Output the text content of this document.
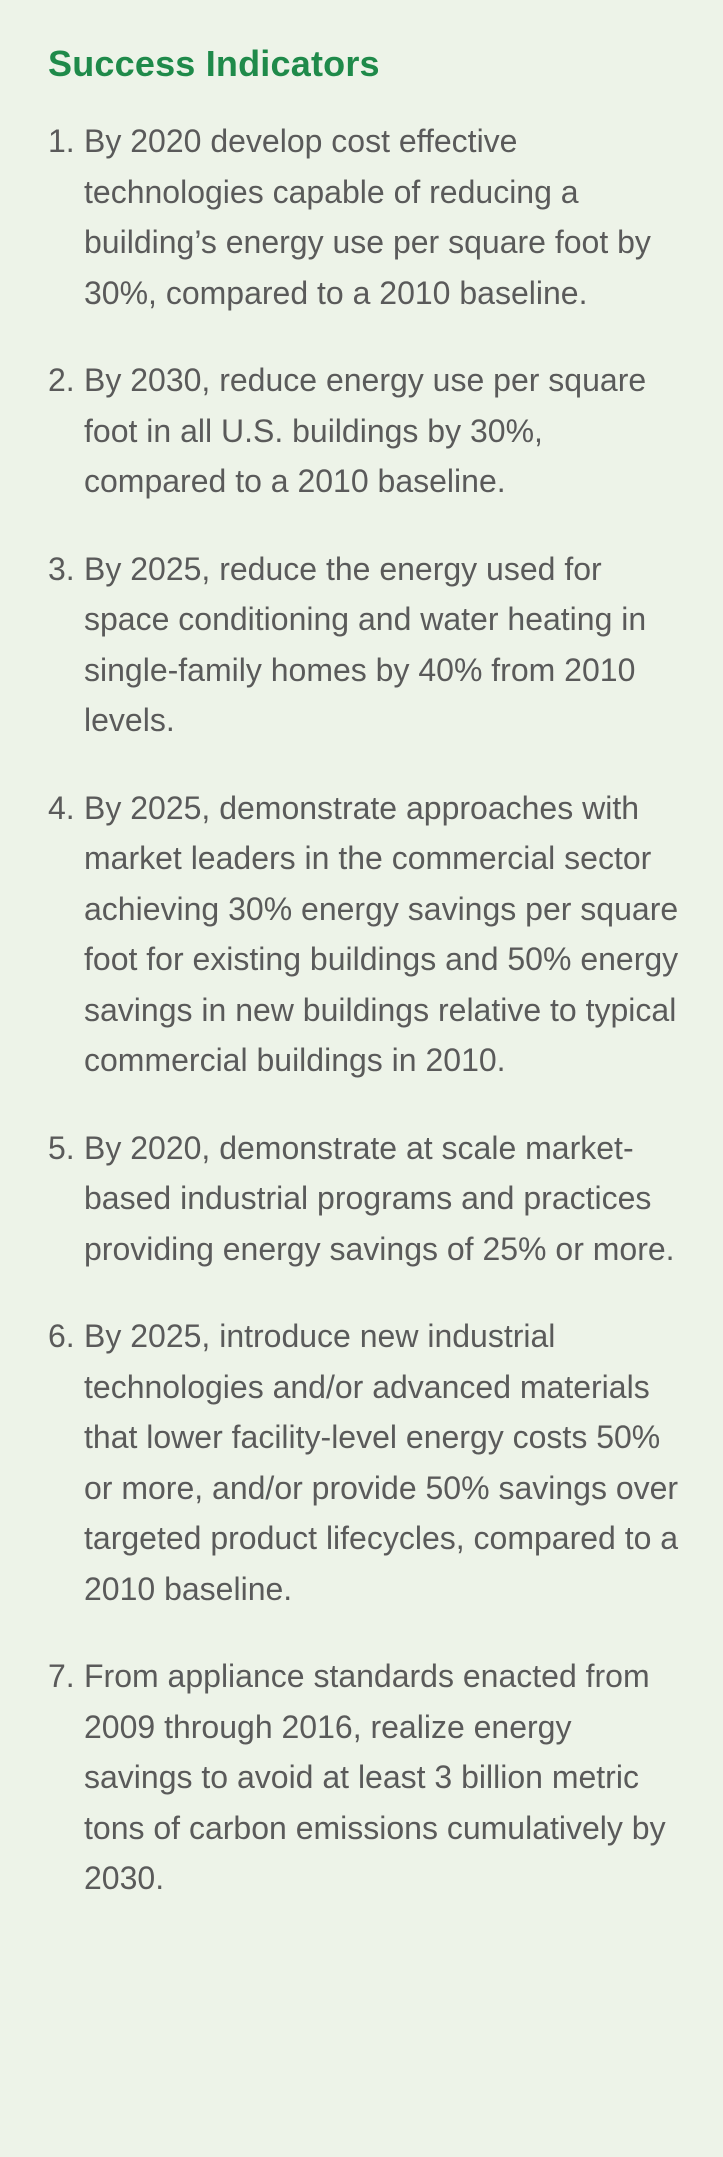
Success Indicators
1. By 2020 develop cost effective technologies capable of reducing a building’s energy use per square foot by 30%, compared to a 2010 baseline.
2. By 2030, reduce energy use per square foot in all U.S. buildings by 30%, compared to a 2010 baseline.
3. By 2025, reduce the energy used for space conditioning and water heating in single-family homes by 40% from 2010 levels.
4. By 2025, demonstrate approaches with market leaders in the commercial sector achieving 30% energy savings per square foot for existing buildings and 50% energy savings in new buildings relative to typical commercial buildings in 2010.
5. By 2020, demonstrate at scale market-based industrial programs and practices providing energy savings of 25% or more.
6. By 2025, introduce new industrial technologies and/or advanced materials that lower facility-level energy costs 50% or more, and/or provide 50% savings over targeted product lifecycles, compared to a 2010 baseline.
7. From appliance standards enacted from 2009 through 2016, realize energy savings to avoid at least 3 billion metric tons of carbon emissions cumulatively by 2030.
